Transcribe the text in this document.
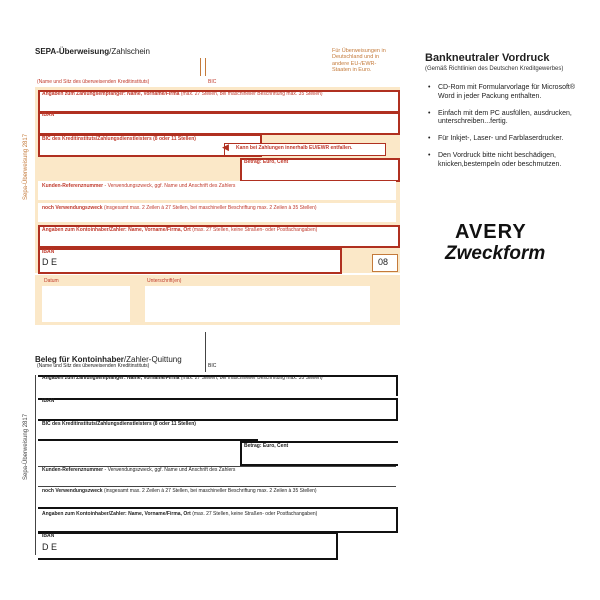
SEPA-Überweisung/Zahlschein	Für Überweisungen in Deutschland und in andere EU-/EWR-Staaten in Euro.
(Name und Sitz des überweisenden Kreditinstituts)	BIC
Angaben zum Zahlungsempfänger: Name, Vorname/Firma (max. 27 Stellen, bei maschineller Beschriftung max. 35 Stellen)
IBAN
BIC des Kreditinstituts/Zahlungsdienstleisters (8 oder 11 Stellen)
Kann bei Zahlungen innerhalb EU/EWR entfallen.
◀
Betrag: Euro, Cent
Kunden-Referenznummer - Verwendungszweck, ggf. Name und Anschrift des Zahlers
noch Verwendungszweck (insgesamt max. 2 Zeilen à 27 Stellen, bei maschineller Beschriftung max. 2 Zeilen à 35 Stellen)
Angaben zum Kontoinhaber/Zahler: Name, Vorname/Firma, Ort (max. 27 Stellen, keine Straßen- oder Postfachangaben)
IBAN
D E	08
Datum	Unterschrift(en)
Sepa-Überweisung 2817
Bankneutraler Vordruck
(Gemäß Richtlinien des Deutschen Kreditgewerbes)
• CD-Rom mit Formularvorlage für Microsoft® Word in jeder Packung enthalten.
• Einfach mit dem PC ausfüllen, ausdrucken, unterschreiben...fertig.
• Für Inkjet-, Laser- und Farblaserdrucker.
• Den Vordruck bitte nicht beschädigen, knicken,bestempeln oder beschmutzen.
AVERY
Zweckform
Beleg für Kontoinhaber/Zahler-Quittung
(Name und Sitz des überweisenden Kreditinstituts)	BIC
Angaben zum Zahlungsempfänger: Name, Vorname/Firma (max. 27 Stellen, bei maschineller Beschriftung max. 35 Stellen)
IBAN
BIC des Kreditinstituts/Zahlungsdienstleisters (8 oder 11 Stellen)
Betrag: Euro, Cent
Kunden-Referenznummer - Verwendungszweck, ggf. Name und Anschrift des Zahlers
noch Verwendungszweck (insgesamt max. 2 Zeilen à 27 Stellen, bei maschineller Beschriftung max. 2 Zeilen à 35 Stellen)
Angaben zum Kontoinhaber/Zahler: Name, Vorname/Firma, Ort (max. 27 Stellen, keine Straßen- oder Postfachangaben)
IBAN
D E
Sepa-Überweisung 2817
